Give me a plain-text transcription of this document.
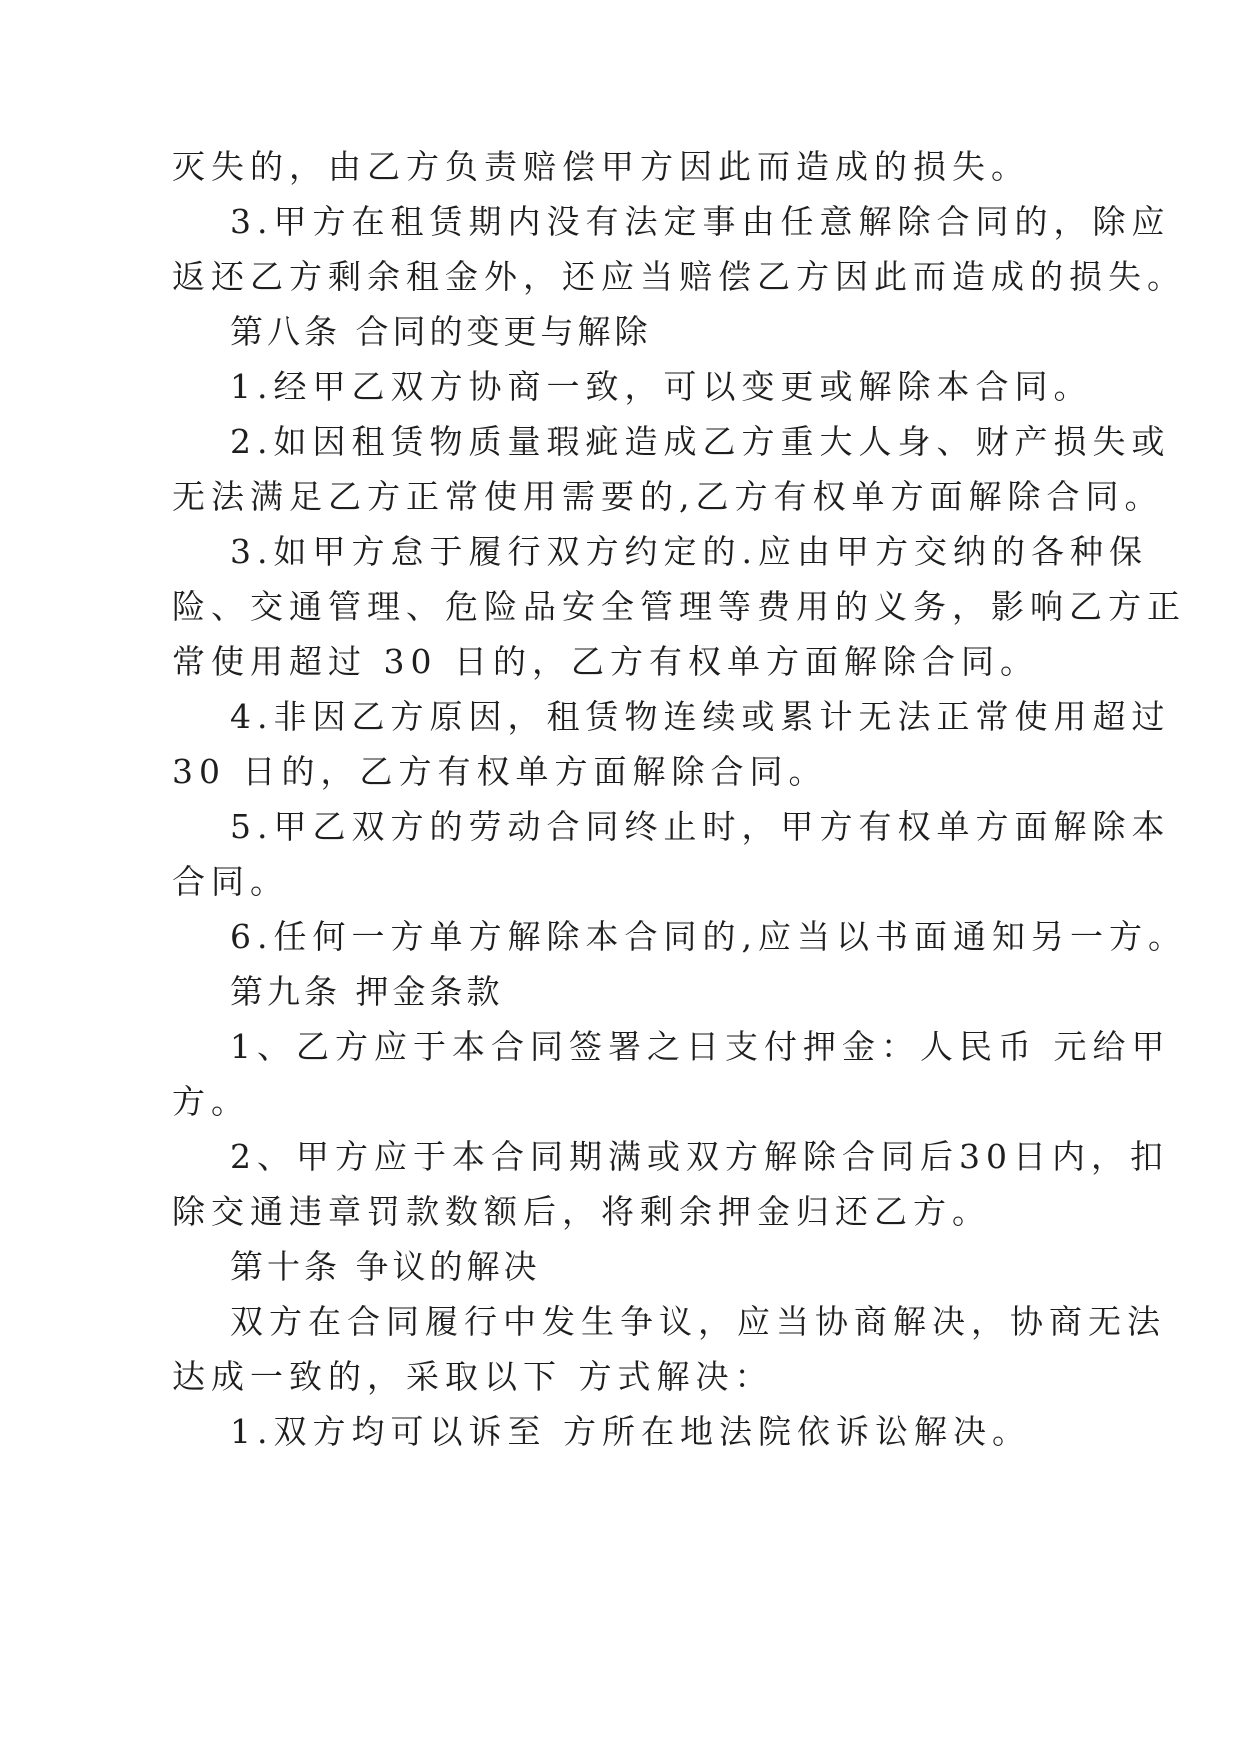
灭失的，由乙方负责赔偿甲方因此而造成的损失。

3.甲方在租赁期内没有法定事由任意解除合同的，除应

返还乙方剩余租金外，还应当赔偿乙方因此而造成的损失。

第八条 合同的变更与解除

1.经甲乙双方协商一致，可以变更或解除本合同。

2.如因租赁物质量瑕疵造成乙方重大人身、财产损失或

无法满足乙方正常使用需要的,乙方有权单方面解除合同。

3.如甲方怠于履行双方约定的.应由甲方交纳的各种保

险、交通管理、危险品安全管理等费用的义务，影响乙方正

常使用超过 30 日的，乙方有权单方面解除合同。

4.非因乙方原因，租赁物连续或累计无法正常使用超过

30 日的，乙方有权单方面解除合同。

5.甲乙双方的劳动合同终止时，甲方有权单方面解除本

合同。

6.任何一方单方解除本合同的,应当以书面通知另一方。

第九条 押金条款

1、乙方应于本合同签署之日支付押金：人民币 元给甲

方。

2、甲方应于本合同期满或双方解除合同后30日内，扣

除交通违章罚款数额后，将剩余押金归还乙方。

第十条 争议的解决

双方在合同履行中发生争议，应当协商解决，协商无法

达成一致的，采取以下 方式解决：

1.双方均可以诉至 方所在地法院依诉讼解决。
